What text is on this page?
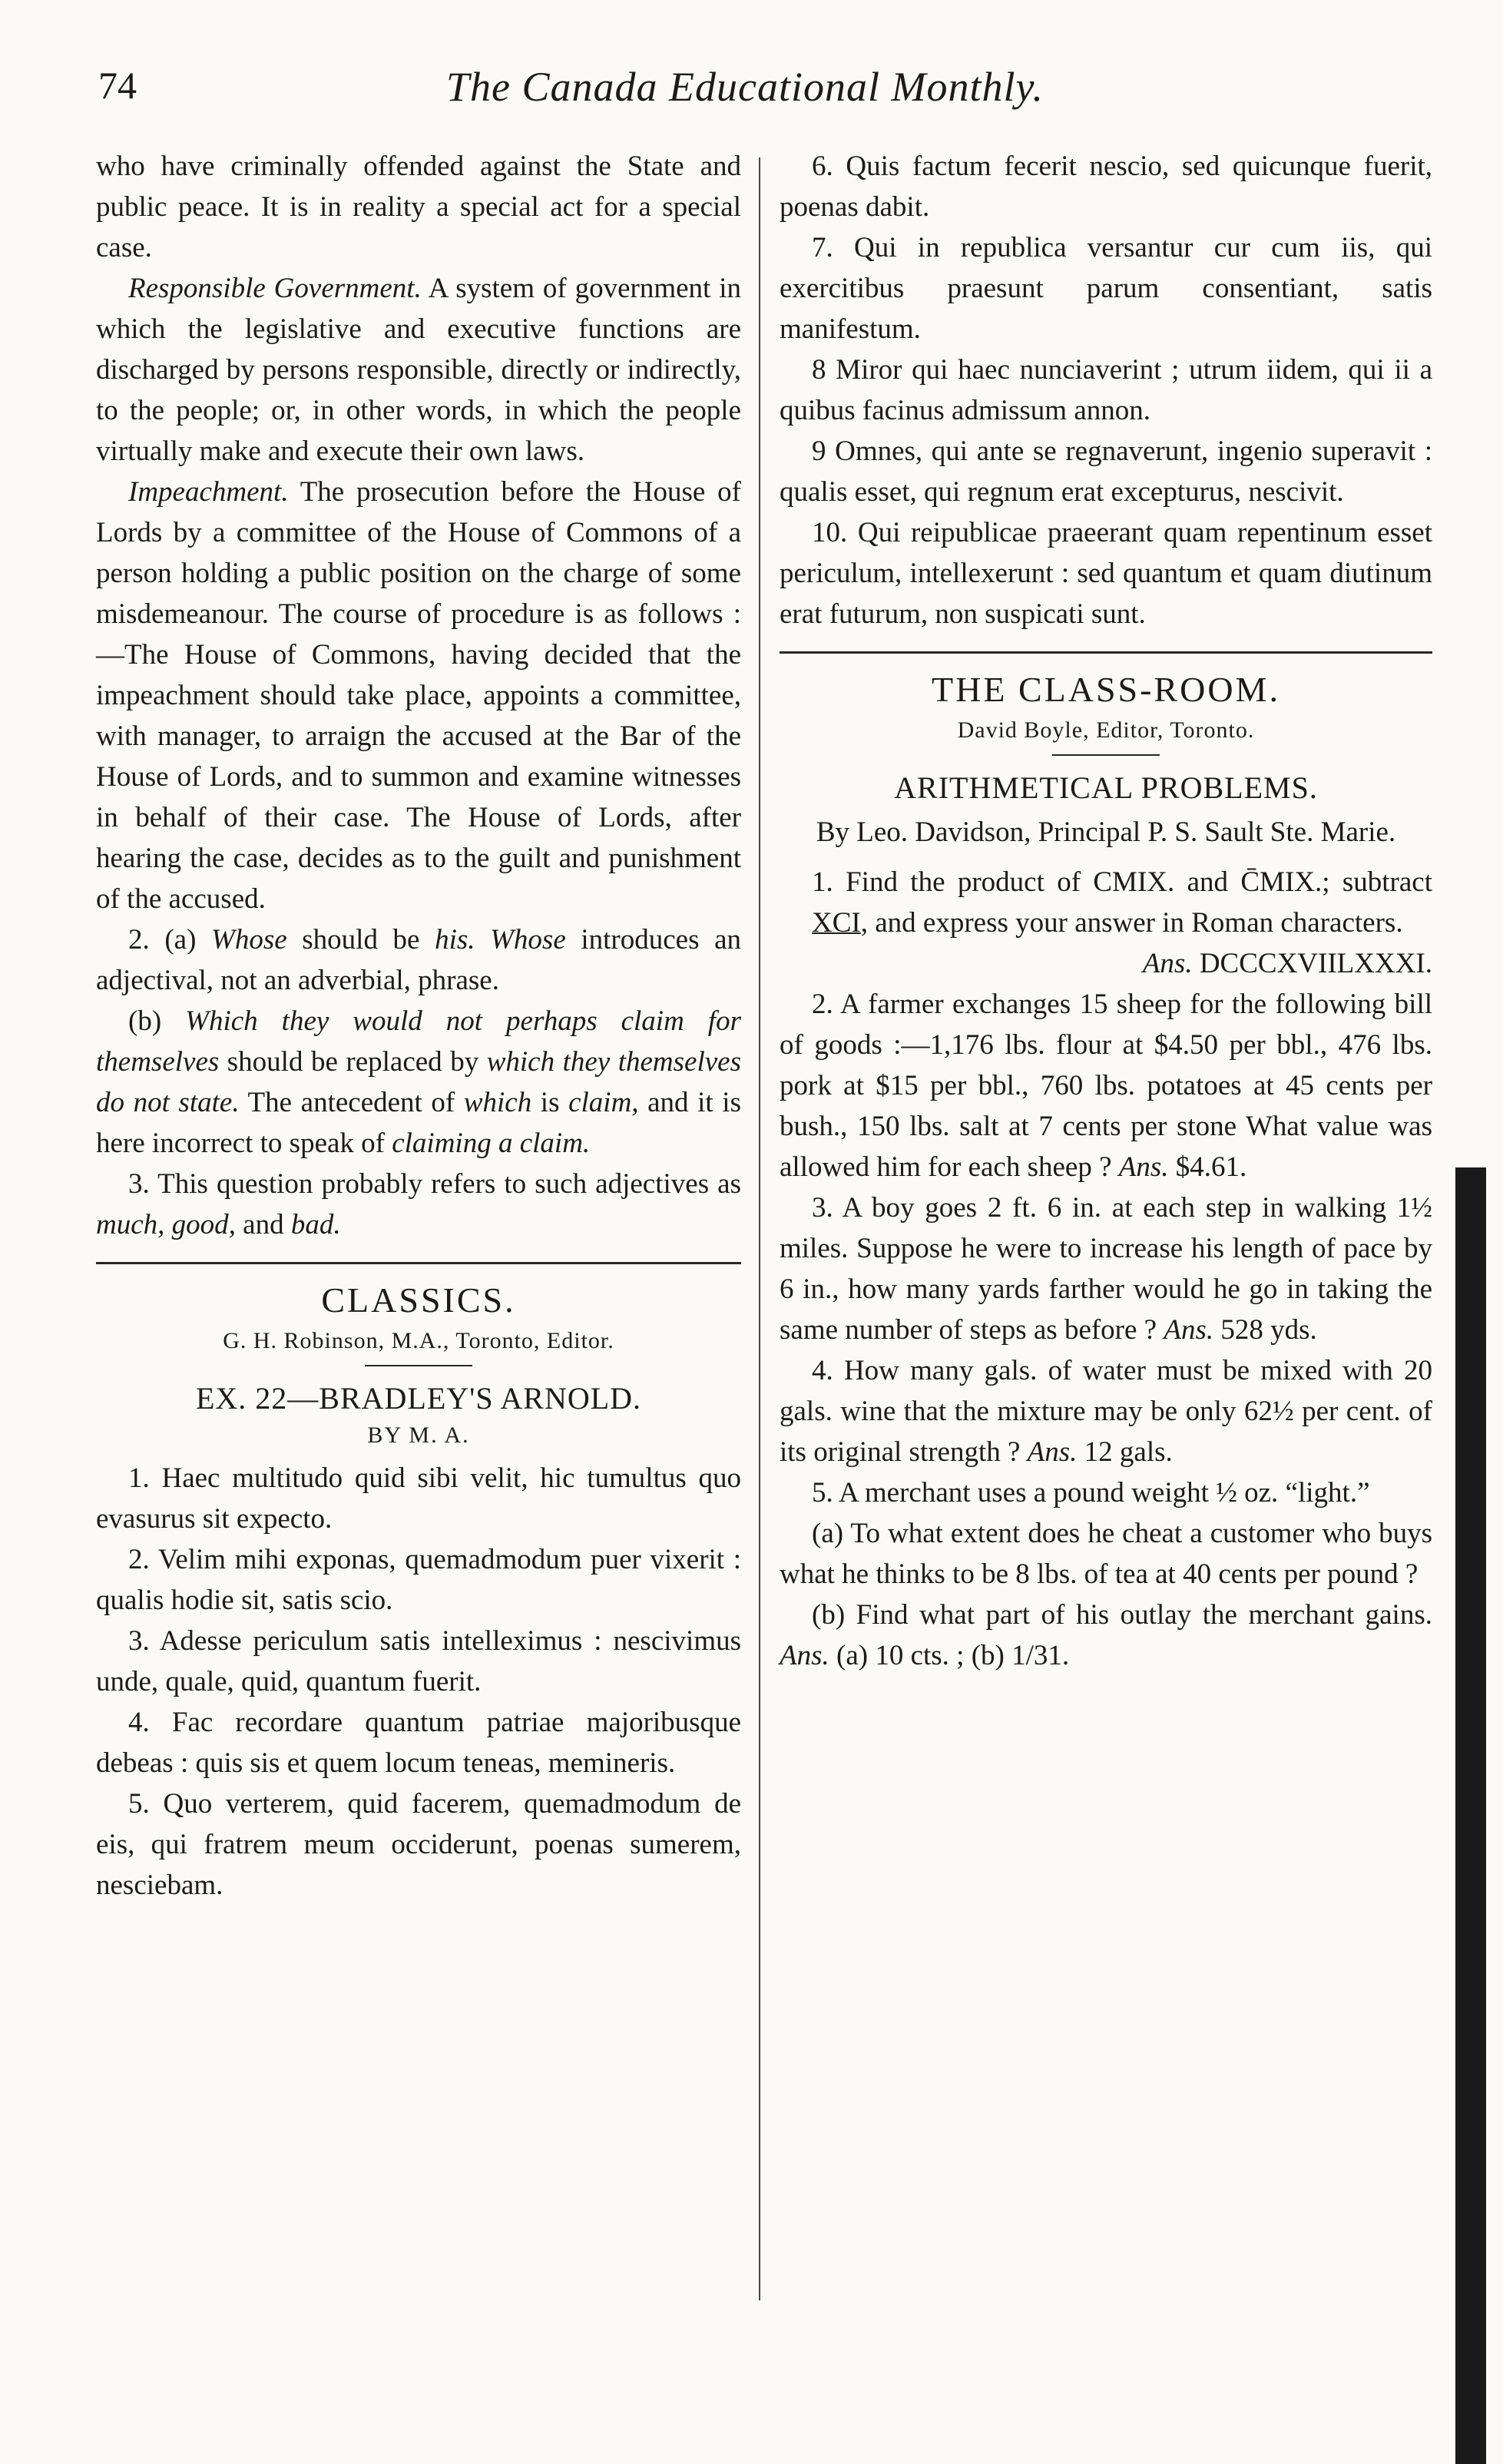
74	The Canada Educational Monthly.

who have criminally offended against the State and public peace. It is in reality a special act for a special case.

Responsible Government. A system of government in which the legislative and executive functions are discharged by persons responsible, directly or indirectly, to the people; or, in other words, in which the people virtually make and execute their own laws.

Impeachment. The prosecution before the House of Lords by a committee of the House of Commons of a person holding a public position on the charge of some misdemeanour. The course of procedure is as follows :—The House of Commons, having decided that the impeachment should take place, appoints a committee, with manager, to arraign the accused at the Bar of the House of Lords, and to summon and examine witnesses in behalf of their case. The House of Lords, after hearing the case, decides as to the guilt and punishment of the accused.

2. (a) Whose should be his. Whose introduces an adjectival, not an adverbial, phrase.

(b) Which they would not perhaps claim for themselves should be replaced by which they themselves do not state. The antecedent of which is claim, and it is here incorrect to speak of claiming a claim.

3. This question probably refers to such adjectives as much, good, and bad.

CLASSICS.
G. H. Robinson, M.A., Toronto, Editor.
EX. 22—BRADLEY'S ARNOLD.
BY M. A.

1. Haec multitudo quid sibi velit, hic tumultus quo evasurus sit expecto.

2. Velim mihi exponas, quemadmodum puer vixerit : qualis hodie sit, satis scio.

3. Adesse periculum satis intelleximus : nescivimus unde, quale, quid, quantum fuerit.

4. Fac recordare quantum patriae majoribusque debeas : quis sis et quem locum teneas, memineris.

5. Quo verterem, quid facerem, quemadmodum de eis, qui fratrem meum occiderunt, poenas sumerem, nesciebam.

6. Quis factum fecerit nescio, sed quicunque fuerit, poenas dabit.

7. Qui in republica versantur cur cum iis, qui exercitibus praesunt parum consentiant, satis manifestum.

8 Miror qui haec nunciaverint ; utrum iidem, qui ii a quibus facinus admissum annon.

9 Omnes, qui ante se regnaverunt, ingenio superavit : qualis esset, qui regnum erat excepturus, nescivit.

10. Qui reipublicae praeerant quam repentinum esset periculum, intellexerunt : sed quantum et quam diutinum erat futurum, non suspicati sunt.

THE CLASS-ROOM.
David Boyle, Editor, Toronto.
ARITHMETICAL PROBLEMS.
By Leo. Davidson, Principal P. S. Sault Ste. Marie.

1. Find the product of CMIX. and C̄MIX.; subtract XCI, and express your answer in Roman characters.

Ans. DCCCXVIILXXXI.

2. A farmer exchanges 15 sheep for the following bill of goods :—1,176 lbs. flour at $4.50 per bbl., 476 lbs. pork at $15 per bbl., 760 lbs. potatoes at 45 cents per bush., 150 lbs. salt at 7 cents per stone What value was allowed him for each sheep ? Ans. $4.61.

3. A boy goes 2 ft. 6 in. at each step in walking 1½ miles. Suppose he were to increase his length of pace by 6 in., how many yards farther would he go in taking the same number of steps as before ? Ans. 528 yds.

4. How many gals. of water must be mixed with 20 gals. wine that the mixture may be only 62½ per cent. of its original strength ? Ans. 12 gals.

5. A merchant uses a pound weight ½ oz. “light.”

(a) To what extent does he cheat a customer who buys what he thinks to be 8 lbs. of tea at 40 cents per pound ?

(b) Find what part of his outlay the merchant gains. Ans. (a) 10 cts. ; (b) 1/31.
